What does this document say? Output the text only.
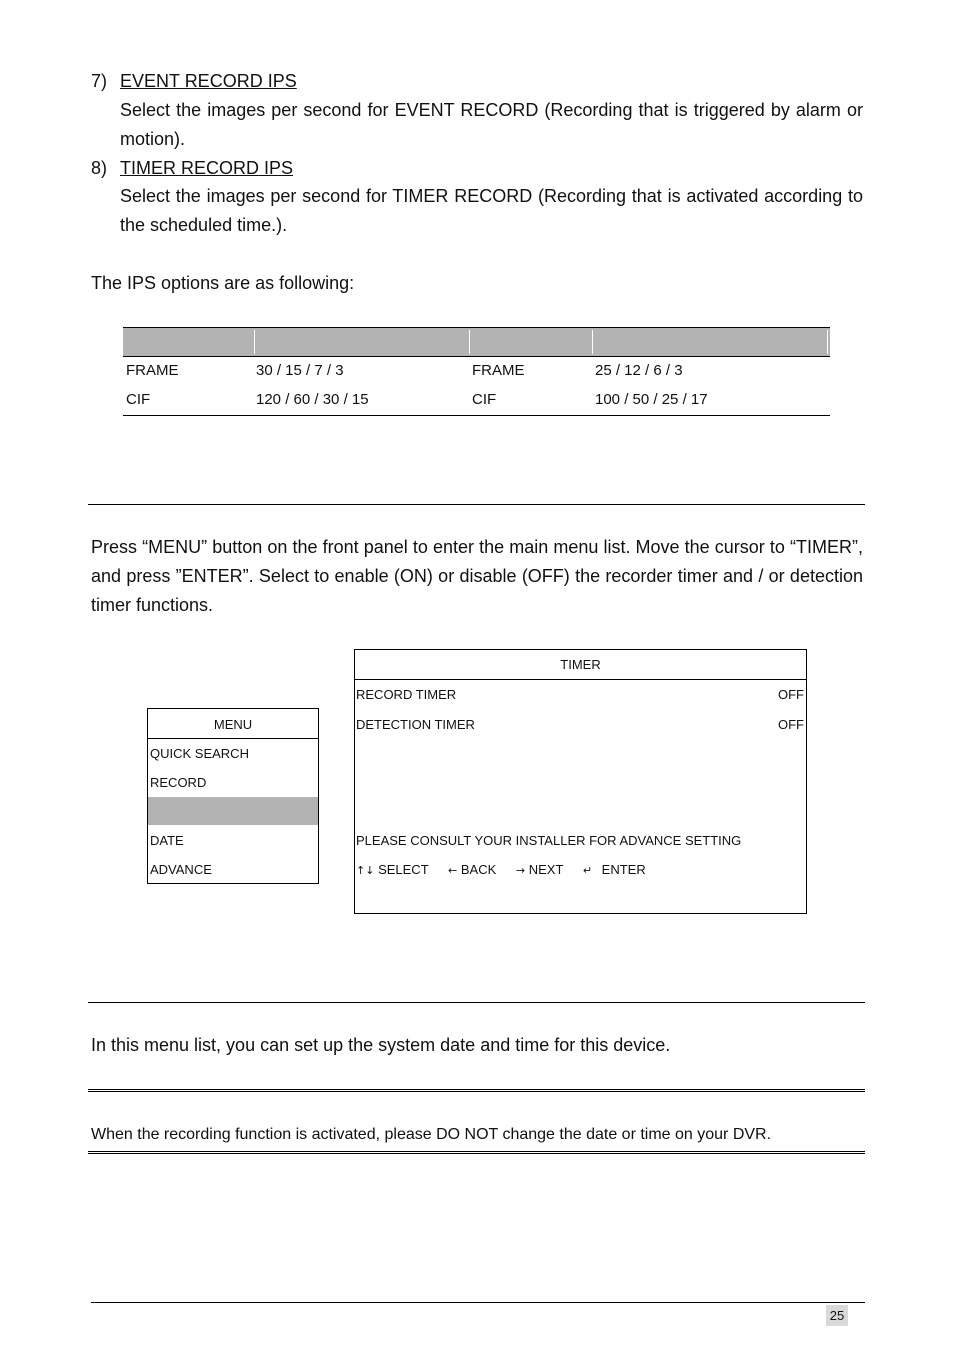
7) EVENT RECORD IPS
Select the images per second for EVENT RECORD (Recording that is triggered by alarm or motion).
8) TIMER RECORD IPS
Select the images per second for TIMER RECORD (Recording that is activated according to the scheduled time.).
The IPS options are as following:
FRAME	30 / 15 / 7 / 3	FRAME	25 / 12 / 6 / 3
CIF	120 / 60 / 30 / 15	CIF	100 / 50 / 25 / 17
Press “MENU” button on the front panel to enter the main menu list. Move the cursor to “TIMER”, and press ”ENTER”. Select to enable (ON) or disable (OFF) the recorder timer and / or detection timer functions.
MENU
QUICK SEARCH
RECORD
DATE
ADVANCE
TIMER
RECORD TIMER	OFF
DETECTION TIMER	OFF
PLEASE CONSULT YOUR INSTALLER FOR ADVANCE SETTING
↑↓ SELECT ← BACK → NEXT ↵ ENTER
In this menu list, you can set up the system date and time for this device.
When the recording function is activated, please DO NOT change the date or time on your DVR.
25
